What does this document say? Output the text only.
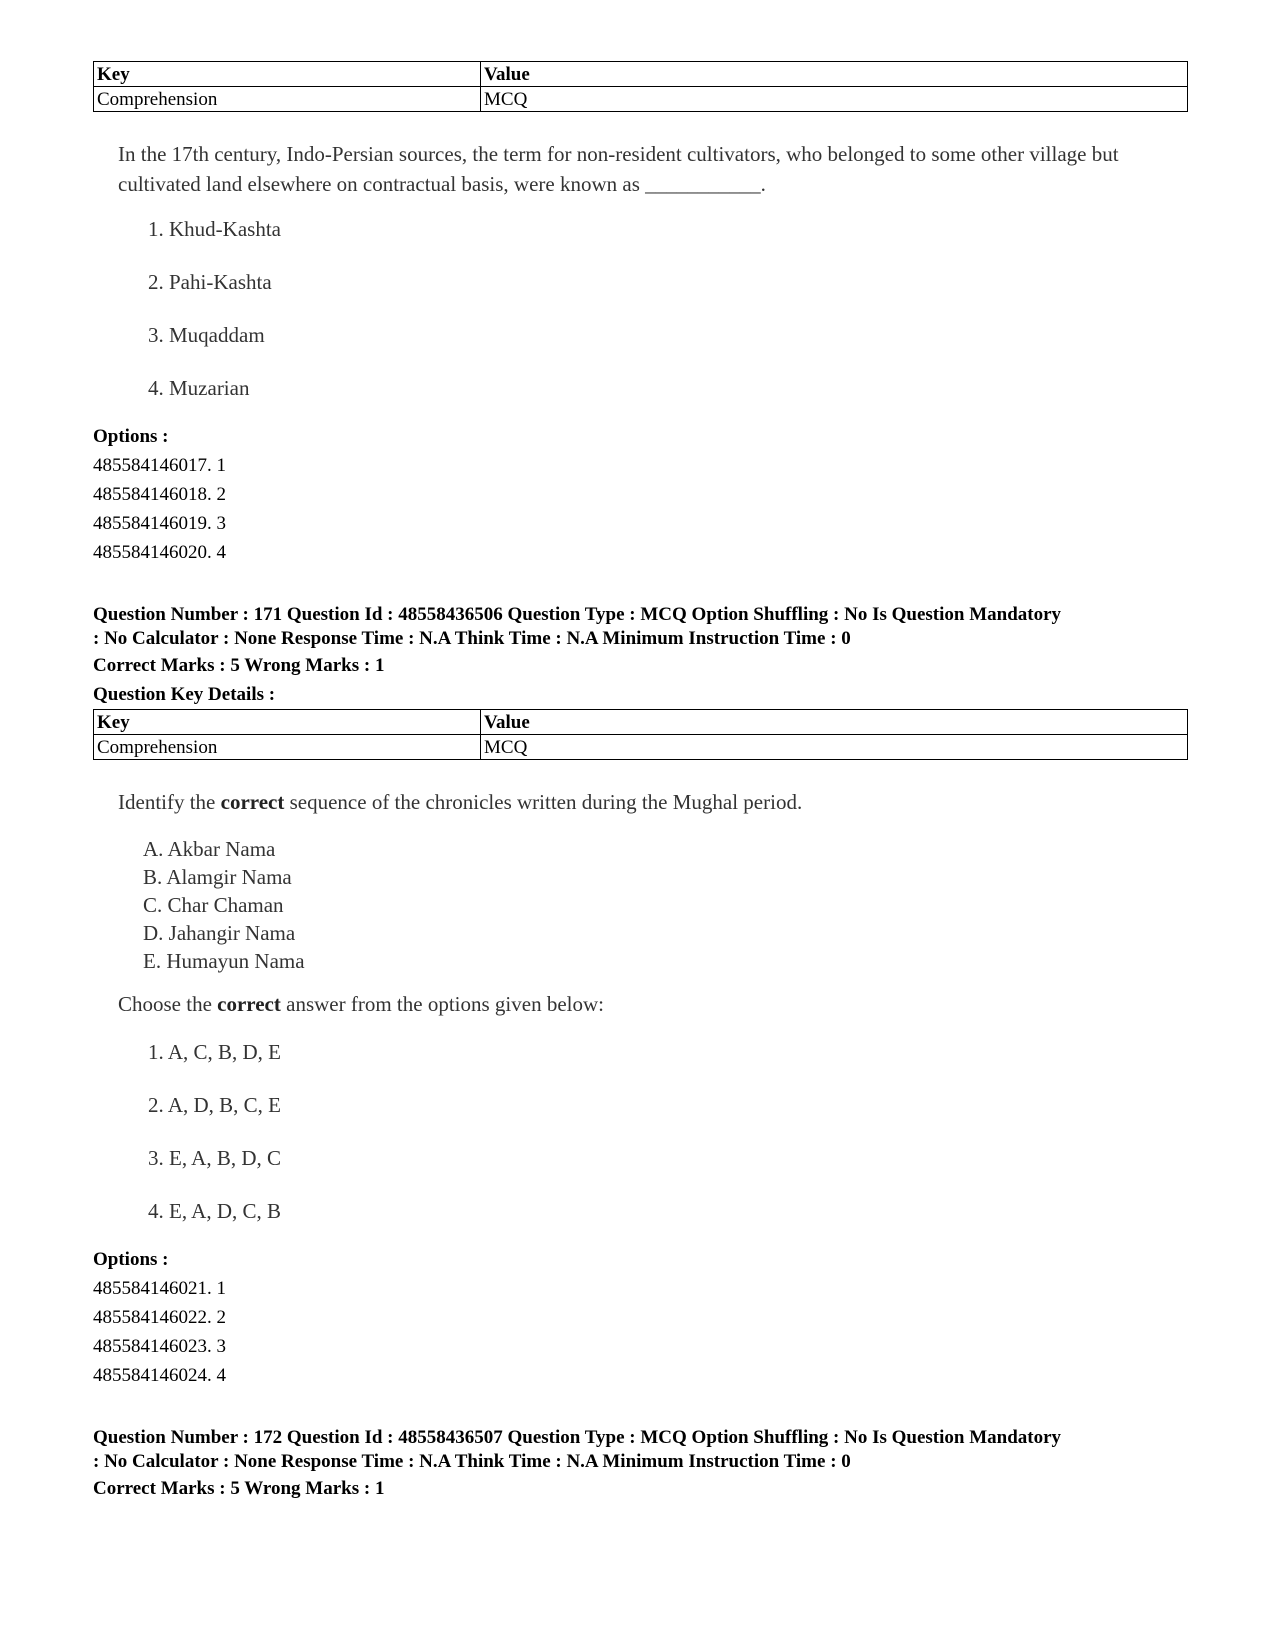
Key	Value
Comprehension	MCQ
In the 17th century, Indo-Persian sources, the term for non-resident cultivators, who belonged to some other village but cultivated land elsewhere on contractual basis, were known as ___________.
1. Khud-Kashta
2. Pahi-Kashta
3. Muqaddam
4. Muzarian
Options :
485584146017. 1
485584146018. 2
485584146019. 3
485584146020. 4
Question Number : 171 Question Id : 48558436506 Question Type : MCQ Option Shuffling : No Is Question Mandatory
: No Calculator : None Response Time : N.A Think Time : N.A Minimum Instruction Time : 0
Correct Marks : 5 Wrong Marks : 1
Question Key Details :
Key	Value
Comprehension	MCQ
Identify the correct sequence of the chronicles written during the Mughal period.
A. Akbar Nama
B. Alamgir Nama
C. Char Chaman
D. Jahangir Nama
E. Humayun Nama
Choose the correct answer from the options given below:
1. A, C, B, D, E
2. A, D, B, C, E
3. E, A, B, D, C
4. E, A, D, C, B
Options :
485584146021. 1
485584146022. 2
485584146023. 3
485584146024. 4
Question Number : 172 Question Id : 48558436507 Question Type : MCQ Option Shuffling : No Is Question Mandatory
: No Calculator : None Response Time : N.A Think Time : N.A Minimum Instruction Time : 0
Correct Marks : 5 Wrong Marks : 1
